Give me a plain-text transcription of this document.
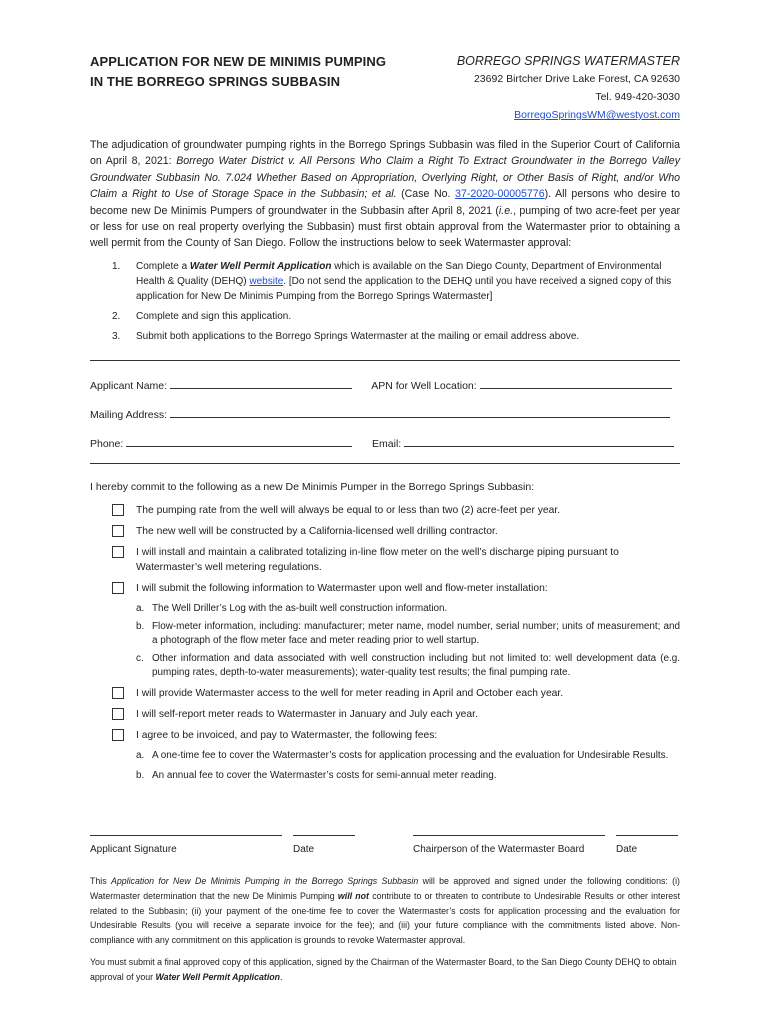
APPLICATION FOR NEW DE MINIMIS PUMPING
IN THE BORREGO SPRINGS SUBBASIN
BORREGO SPRINGS WATERMASTER
23692 Birtcher Drive Lake Forest, CA 92630
Tel. 949-420-3030
BorregoSpringsWM@westyost.com
The adjudication of groundwater pumping rights in the Borrego Springs Subbasin was filed in the Superior Court of California on April 8, 2021: Borrego Water District v. All Persons Who Claim a Right To Extract Groundwater in the Borrego Valley Groundwater Subbasin No. 7.024 Whether Based on Appropriation, Overlying Right, or Other Basis of Right, and/or Who Claim a Right to Use of Storage Space in the Subbasin; et al. (Case No. 37-2020-00005776). All persons who desire to become new De Minimis Pumpers of groundwater in the Subbasin after April 8, 2021 (i.e., pumping of two acre-feet per year or less for use on real property overlying the Subbasin) must first obtain approval from the Watermaster prior to obtaining a well permit from the County of San Diego. Follow the instructions below to seek Watermaster approval:
1. Complete a Water Well Permit Application which is available on the San Diego County, Department of Environmental Health & Quality (DEHQ) website. [Do not send the application to the DEHQ until you have received a signed copy of this application for New De Minimis Pumping from the Borrego Springs Watermaster]
2. Complete and sign this application.
3. Submit both applications to the Borrego Springs Watermaster at the mailing or email address above.
Applicant Name:	APN for Well Location:
Mailing Address:
Phone:	Email:
I hereby commit to the following as a new De Minimis Pumper in the Borrego Springs Subbasin:
The pumping rate from the well will always be equal to or less than two (2) acre-feet per year.
The new well will be constructed by a California-licensed well drilling contractor.
I will install and maintain a calibrated totalizing in-line flow meter on the well’s discharge piping pursuant to Watermaster’s well metering regulations.
I will submit the following information to Watermaster upon well and flow-meter installation:
a. The Well Driller’s Log with the as-built well construction information.
b. Flow-meter information, including: manufacturer; meter name, model number, serial number; units of measurement; and a photograph of the flow meter face and meter reading prior to well startup.
c. Other information and data associated with well construction including but not limited to: well development data (e.g. pumping rates, depth-to-water measurements); water-quality test results; the final pumping rate.
I will provide Watermaster access to the well for meter reading in April and October each year.
I will self-report meter reads to Watermaster in January and July each year.
I agree to be invoiced, and pay to Watermaster, the following fees:
a. A one-time fee to cover the Watermaster’s costs for application processing and the evaluation for Undesirable Results.
b. An annual fee to cover the Watermaster’s costs for semi-annual meter reading.
Applicant Signature	Date	Chairperson of the Watermaster Board	Date
This Application for New De Minimis Pumping in the Borrego Springs Subbasin will be approved and signed under the following conditions: (i) Watermaster determination that the new De Minimis Pumping will not contribute to or threaten to contribute to Undesirable Results or other interest related to the Subbasin; (ii) your payment of the one-time fee to cover the Watermaster’s costs for application processing and the evaluation for Undesirable Results (you will receive a separate invoice for the fee); and (iii) your future compliance with the commitments listed above. Non-compliance with any commitment on this application is grounds to revoke Watermaster approval.
You must submit a final approved copy of this application, signed by the Chairman of the Watermaster Board, to the San Diego County DEHQ to obtain approval of your Water Well Permit Application.
